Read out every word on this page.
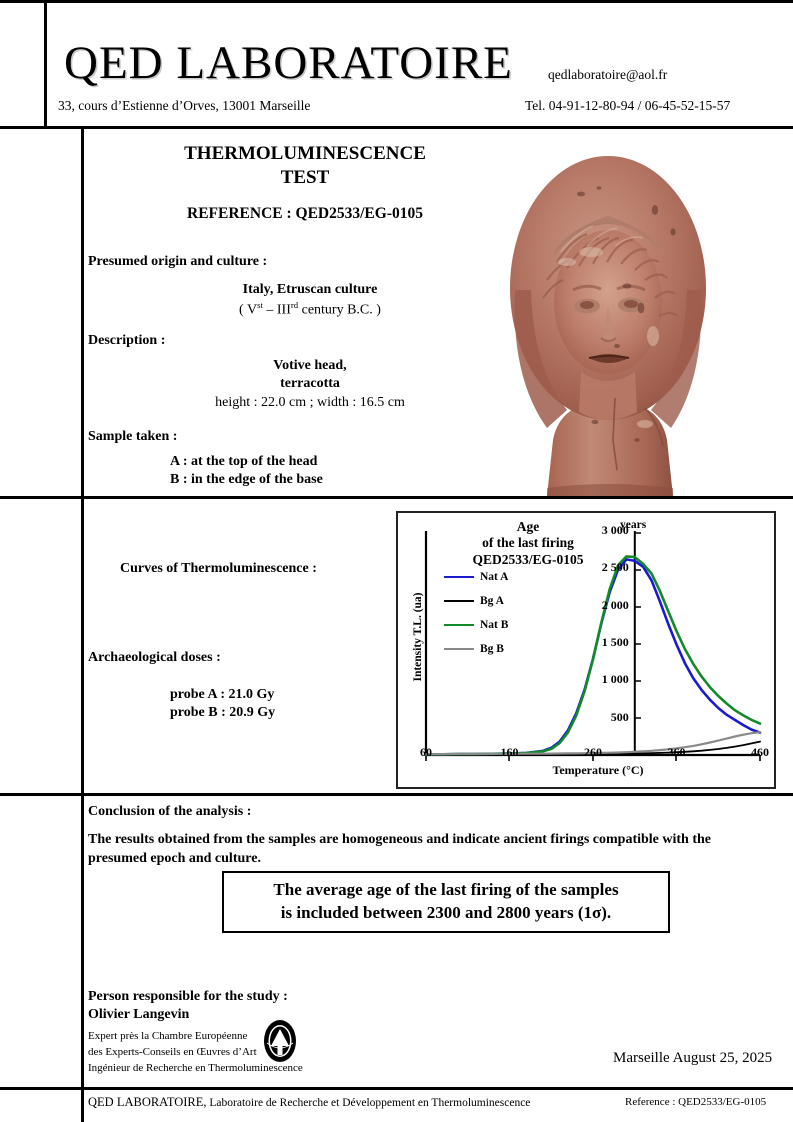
QED LABORATOIRE	qedlaboratoire@aol.fr
33, cours d’Estienne d’Orves, 13001 Marseille	Tel. 04-91-12-80-94 / 06-45-52-15-57
THERMOLUMINESCENCE
TEST
REFERENCE : QED2533/EG-0105
Presumed origin and culture :
Italy, Etruscan culture
( Vst – IIIrd century B.C. )
Description :
Votive head,
terracotta
height : 22.0 cm ; width : 16.5 cm
Sample taken :
A : at the top of the head
B : in the edge of the base
Curves of Thermoluminescence :
Archaeological doses :
probe A : 21.0 Gy
probe B : 20.9 Gy
Age
of the last firing
QED2533/EG-0105
years
Intensity T.L. (ua)
Temperature (°C)
60	160	260	360	460
500
1 000
1 500
2 000
2 500
3 000
Nat A
Bg A
Nat B
Bg B
Conclusion of the analysis :
The results obtained from the samples are homogeneous and indicate ancient firings compatible with the presumed epoch and culture.
The average age of the last firing of the samples
is included between 2300 and 2800 years (1σ).
Person responsible for the study :
Olivier Langevin
Expert près la Chambre Européenne
des Experts-Conseils en Œuvres d’Art
Ingénieur de Recherche en Thermoluminescence
Marseille August 25, 2025
QED LABORATOIRE, Laboratoire de Recherche et Développement en Thermoluminescence	Reference : QED2533/EG-0105
